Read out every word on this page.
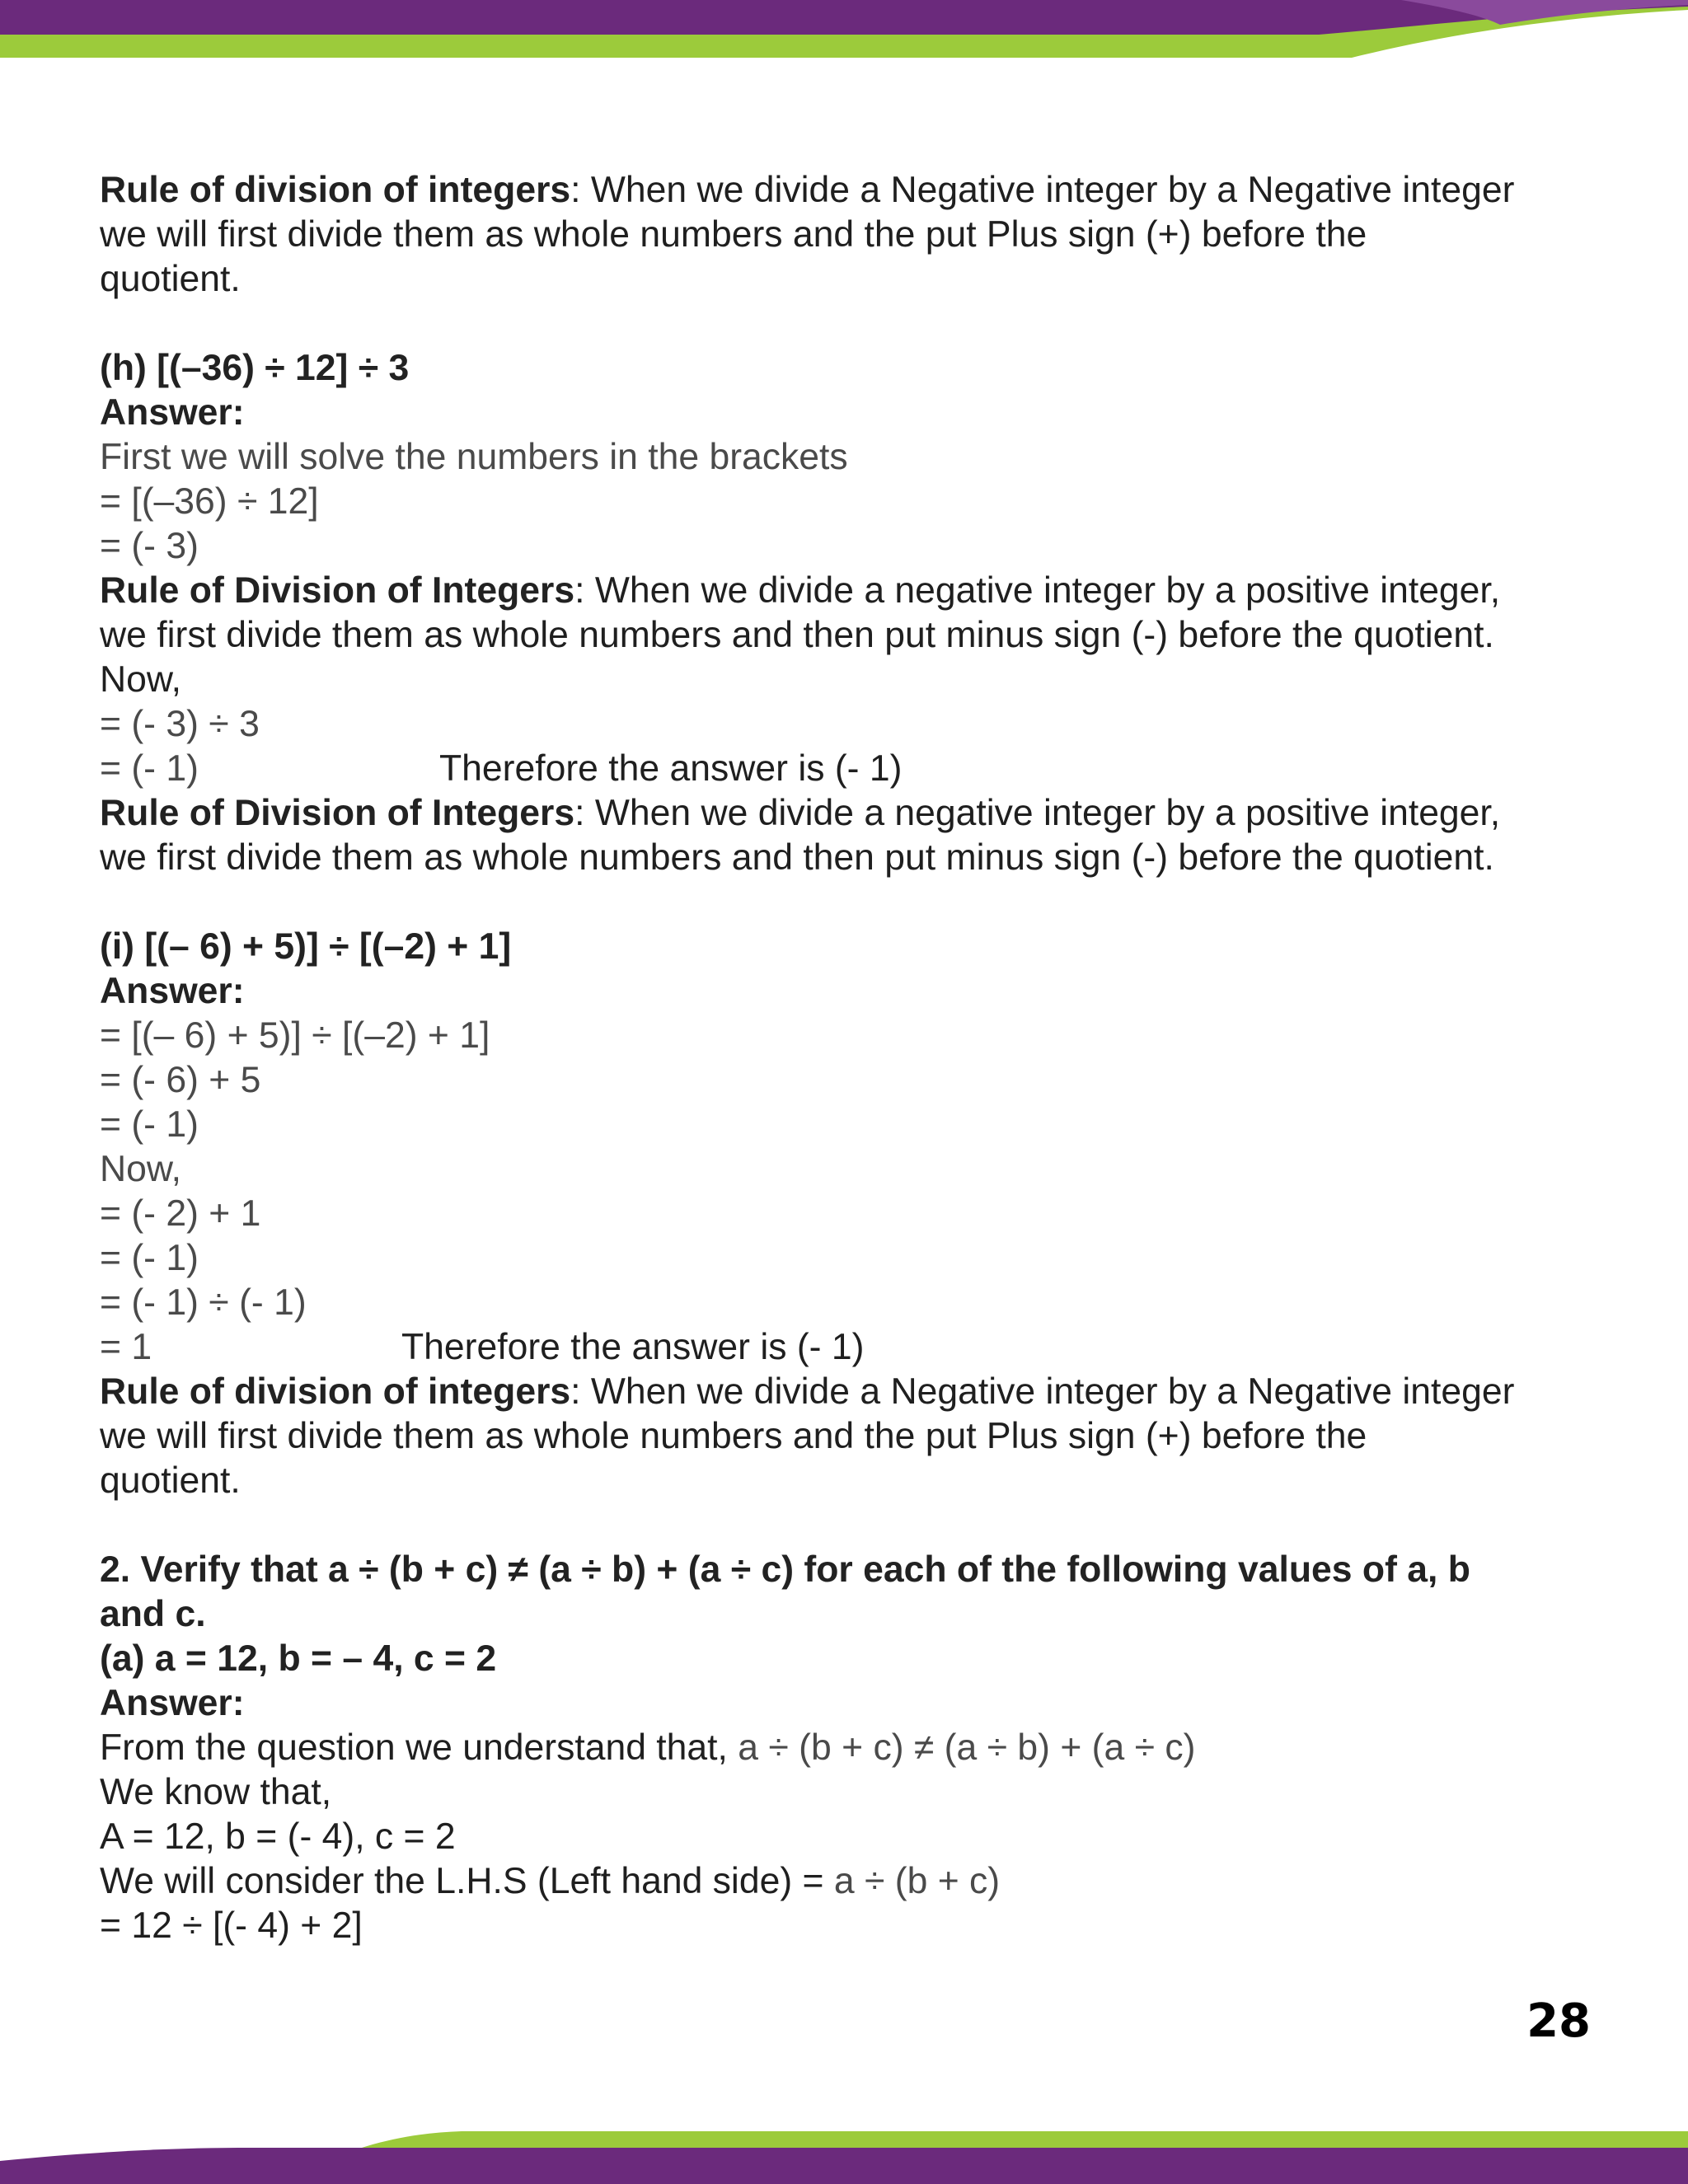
Rule of division of integers: When we divide a Negative integer by a Negative integer
we will first divide them as whole numbers and the put Plus sign (+) before the
quotient.
(h) [(–36) ÷ 12] ÷ 3
Answer:
First we will solve the numbers in the brackets
= [(–36) ÷ 12]
= (- 3)
Rule of Division of Integers: When we divide a negative integer by a positive integer,
we first divide them as whole numbers and then put minus sign (-) before the quotient.
Now,
= (- 3) ÷ 3
= (- 1)	Therefore the answer is (- 1)
Rule of Division of Integers: When we divide a negative integer by a positive integer,
we first divide them as whole numbers and then put minus sign (-) before the quotient.
(i) [(– 6) + 5)] ÷ [(–2) + 1]
Answer:
= [(– 6) + 5)] ÷ [(–2) + 1]
= (- 6) + 5
= (- 1)
Now,
= (- 2) + 1
= (- 1)
= (- 1) ÷ (- 1)
= 1	Therefore the answer is (- 1)
Rule of division of integers: When we divide a Negative integer by a Negative integer
we will first divide them as whole numbers and the put Plus sign (+) before the
quotient.
2. Verify that a ÷ (b + c) ≠ (a ÷ b) + (a ÷ c) for each of the following values of a, b
and c.
(a) a = 12, b = – 4, c = 2
Answer:
From the question we understand that, a ÷ (b + c) ≠ (a ÷ b) + (a ÷ c)
We know that,
A = 12, b = (- 4), c = 2
We will consider the L.H.S (Left hand side) = a ÷ (b + c)
= 12 ÷ [(- 4) + 2]
28
